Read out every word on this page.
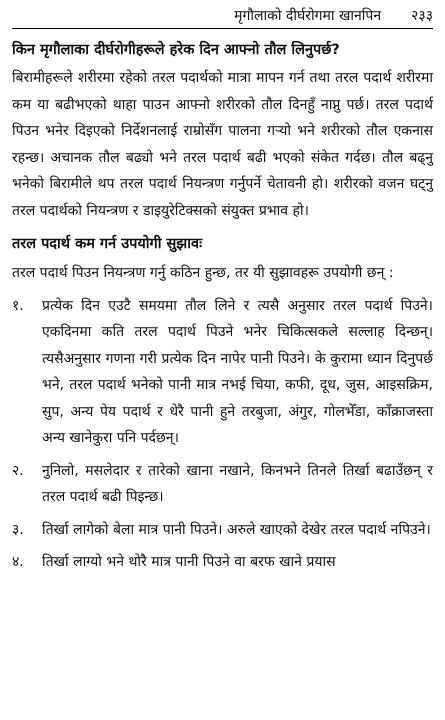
मृगौलाको दीर्घरोगमा खानपिन २३३
किन मृगौलाका दीर्घरोगीहरूले हरेक दिन आफ्नो तौल लिनुपर्छ?

बिरामीहरूले शरीरमा रहेको तरल पदार्थको मात्रा मापन गर्न तथा तरल पदार्थ शरीरमा कम या बढीभएको थाहा पाउन आफ्नो शरीरको तौल दिनहुँ नाप्नु पर्छ। तरल पदार्थ पिउन भनेर दिइएको निर्देशनलाई राम्रोसँग पालना गर्‍यो भने शरीरको तौल एकनास रहन्छ। अचानक तौल बढ्यो भने तरल पदार्थ बढी भएको संकेत गर्दछ। तौल बढ्नु भनेको बिरामीले थप तरल पदार्थ नियन्त्रण गर्नुपर्ने चेतावनी हो। शरीरको वजन घट्नु तरल पदार्थको नियन्त्रण र डाइयुरेटिक्सको संयुक्त प्रभाव हो।

तरल पदार्थ कम गर्न उपयोगी सुझावः
तरल पदार्थ पिउन नियन्त्रण गर्नु कठिन हुन्छ, तर यी सुझावहरू उपयोगी छन् :
१.	प्रत्येक दिन एउटै समयमा तौल लिने र त्यसै अनुसार तरल पदार्थ पिउने। एकदिनमा कति तरल पदार्थ पिउने भनेर चिकित्सकले सल्लाह दिन्छन्। त्यसैअनुसार गणना गरी प्रत्येक दिन नापेर पानी पिउने। के कुरामा ध्यान दिनुपर्छ भने, तरल पदार्थ भनेको पानी मात्र नभई चिया, कफी, दूध, जुस, आइसक्रिम, सुप, अन्य पेय पदार्थ र धेरै पानी हुने तरबुजा, अंगुर, गोलभेँडा, काँक्राजस्ता अन्य खानेकुरा पनि पर्दछन्।
२.	नुनिलो, मसलेदार र तारेको खाना नखाने, किनभने तिनले तिर्खा बढाउँछन् र तरल पदार्थ बढी पिइन्छ।
३.	तिर्खा लागेको बेला मात्र पानी पिउने। अरुले खाएको देखेर तरल पदार्थ नपिउने।
४.	तिर्खा लाग्यो भने थोरै मात्र पानी पिउने वा बरफ खाने प्रयास
